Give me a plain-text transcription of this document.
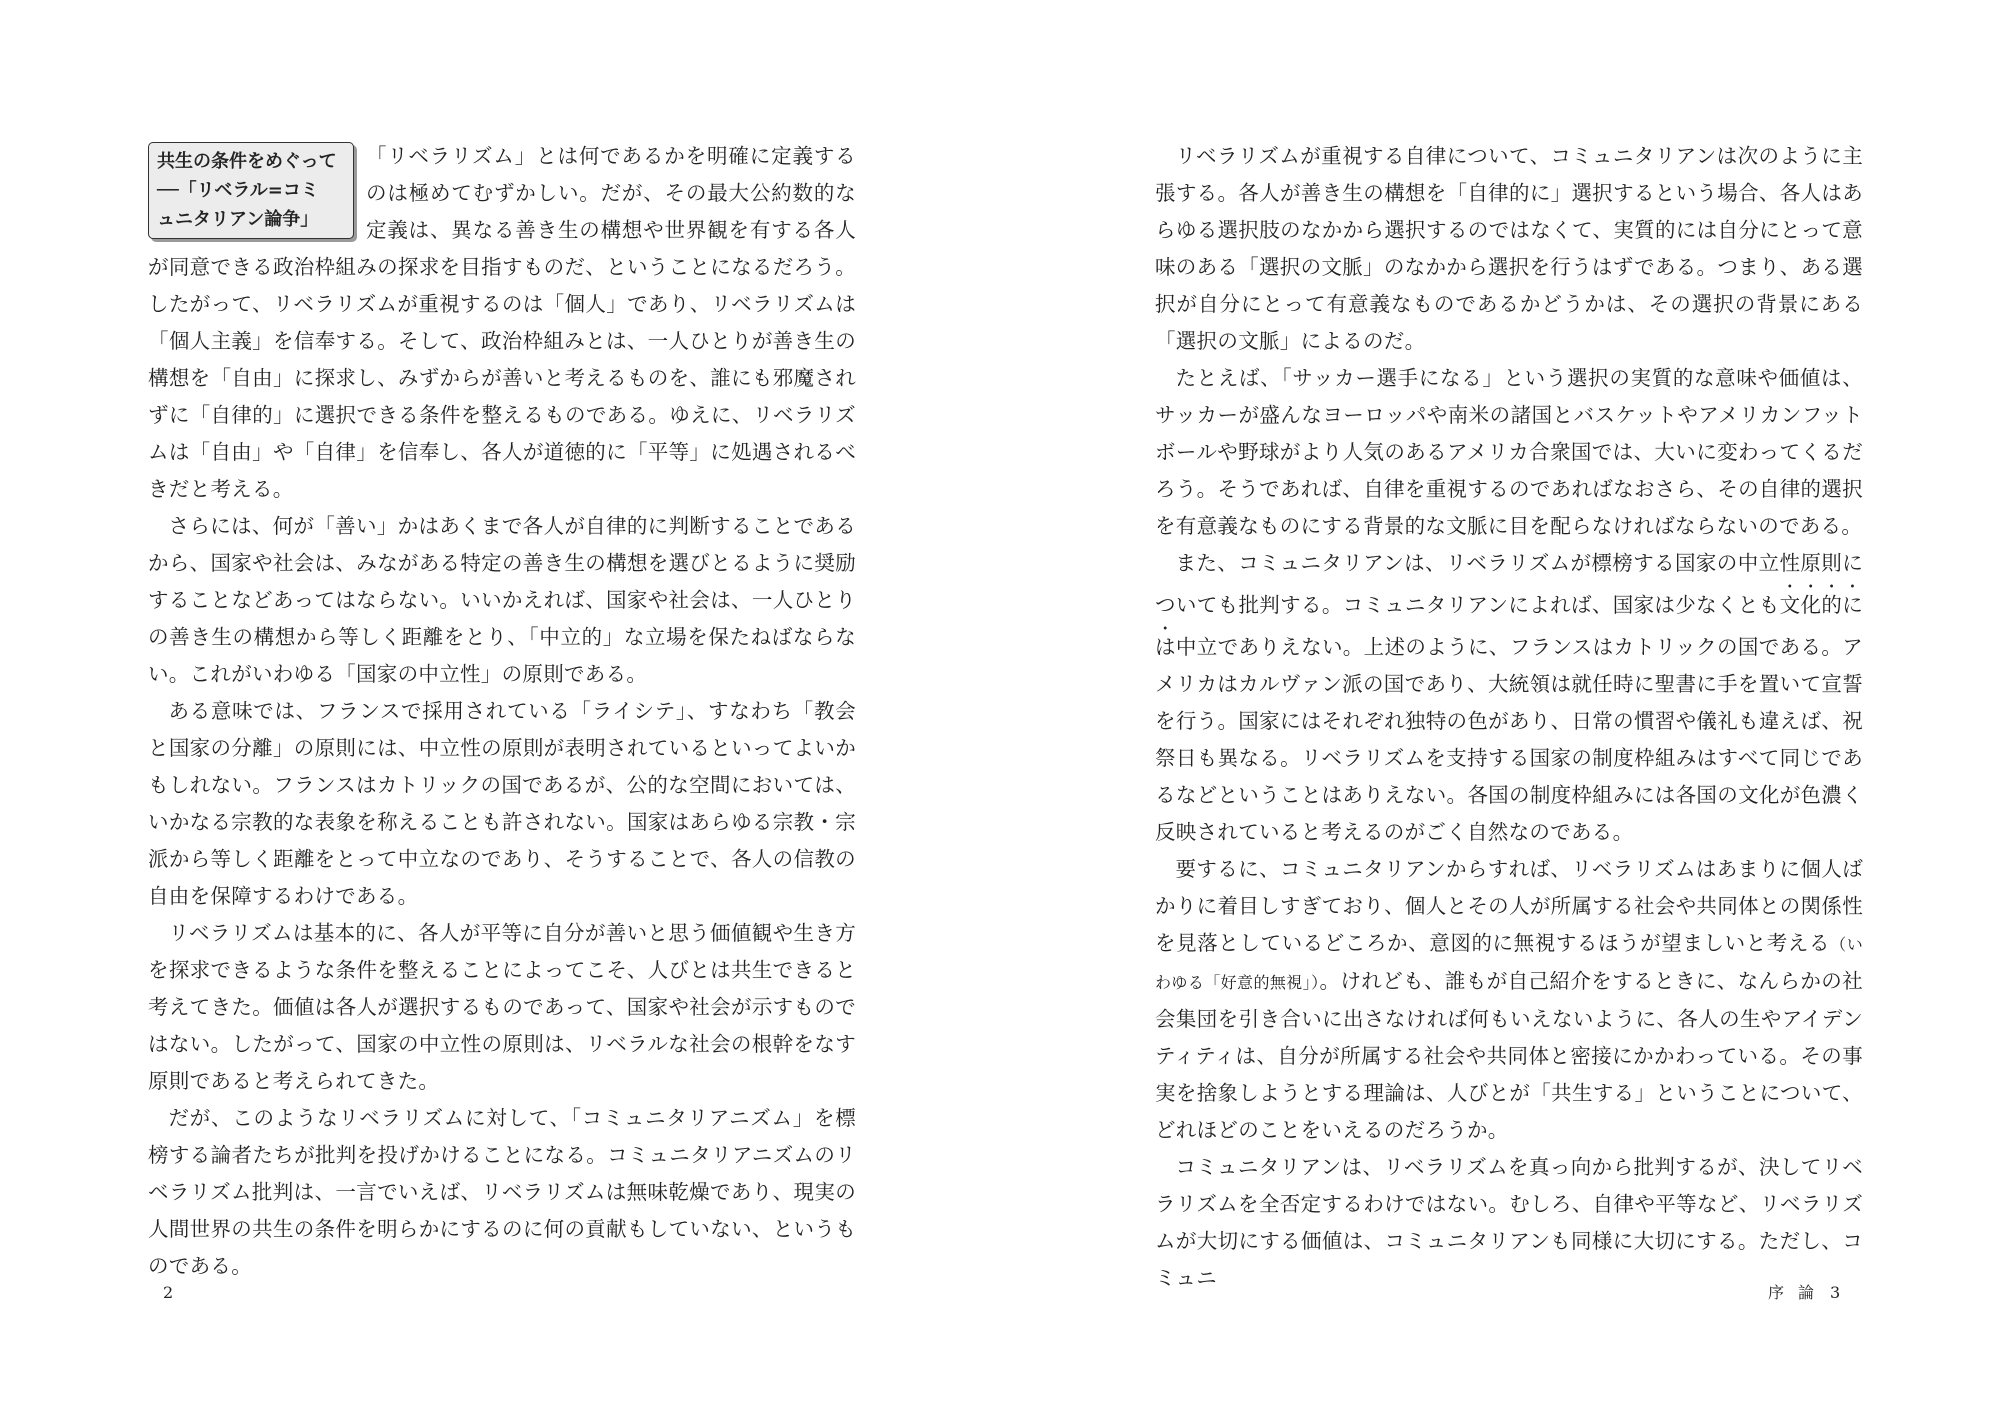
共生の条件をめぐって
──「リベラル=コミ
ュニタリアン論争」
「リベラリズム」とは何であるかを明確に定義するのは極めてむずかしい。だが、その最大公約数的な定義は、異なる善き生の構想や世界観を有する各人が同意できる政治枠組みの探求を目指すものだ、ということになるだろう。したがって、リベラリズムが重視するのは「個人」であり、リベラリズムは「個人主義」を信奉する。そして、政治枠組みとは、一人ひとりが善き生の構想を「自由」に探求し、みずからが善いと考えるものを、誰にも邪魔されずに「自律的」に選択できる条件を整えるものである。ゆえに、リベラリズムは「自由」や「自律」を信奉し、各人が道徳的に「平等」に処遇されるべきだと考える。

さらには、何が「善い」かはあくまで各人が自律的に判断することであるから、国家や社会は、みながある特定の善き生の構想を選びとるように奨励することなどあってはならない。いいかえれば、国家や社会は、一人ひとりの善き生の構想から等しく距離をとり、「中立的」な立場を保たねばならない。これがいわゆる「国家の中立性」の原則である。

ある意味では、フランスで採用されている「ライシテ」、すなわち「教会と国家の分離」の原則には、中立性の原則が表明されているといってよいかもしれない。フランスはカトリックの国であるが、公的な空間においては、いかなる宗教的な表象を称えることも許されない。国家はあらゆる宗教・宗派から等しく距離をとって中立なのであり、そうすることで、各人の信教の自由を保障するわけである。

リベラリズムは基本的に、各人が平等に自分が善いと思う価値観や生き方を探求できるような条件を整えることによってこそ、人びとは共生できると考えてきた。価値は各人が選択するものであって、国家や社会が示すものではない。したがって、国家の中立性の原則は、リベラルな社会の根幹をなす原則であると考えられてきた。

だが、このようなリベラリズムに対して、「コミュニタリアニズム」を標榜する論者たちが批判を投げかけることになる。コミュニタリアニズムのリベラリズム批判は、一言でいえば、リベラリズムは無味乾燥であり、現実の人間世界の共生の条件を明らかにするのに何の貢献もしていない、というものである。

2

リベラリズムが重視する自律について、コミュニタリアンは次のように主張する。各人が善き生の構想を「自律的に」選択するという場合、各人はあらゆる選択肢のなかから選択するのではなくて、実質的には自分にとって意味のある「選択の文脈」のなかから選択を行うはずである。つまり、ある選択が自分にとって有意義なものであるかどうかは、その選択の背景にある「選択の文脈」によるのだ。

たとえば、「サッカー選手になる」という選択の実質的な意味や価値は、サッカーが盛んなヨーロッパや南米の諸国とバスケットやアメリカンフットボールや野球がより人気のあるアメリカ合衆国では、大いに変わってくるだろう。そうであれば、自律を重視するのであればなおさら、その自律的選択を有意義なものにする背景的な文脈に目を配らなければならないのである。

また、コミュニタリアンは、リベラリズムが標榜する国家の中立性原則についても批判する。コミュニタリアンによれば、国家は少なくとも文化的には中立でありえない。上述のように、フランスはカトリックの国である。アメリカはカルヴァン派の国であり、大統領は就任時に聖書に手を置いて宣誓を行う。国家にはそれぞれ独特の色があり、日常の慣習や儀礼も違えば、祝祭日も異なる。リベラリズムを支持する国家の制度枠組みはすべて同じであるなどということはありえない。各国の制度枠組みには各国の文化が色濃く反映されていると考えるのがごく自然なのである。

要するに、コミュニタリアンからすれば、リベラリズムはあまりに個人ばかりに着目しすぎており、個人とその人が所属する社会や共同体との関係性を見落としているどころか、意図的に無視するほうが望ましいと考える（いわゆる「好意的無視」）。けれども、誰もが自己紹介をするときに、なんらかの社会集団を引き合いに出さなければ何もいえないように、各人の生やアイデンティティは、自分が所属する社会や共同体と密接にかかわっている。その事実を捨象しようとする理論は、人びとが「共生する」ということについて、どれほどのことをいえるのだろうか。

コミュニタリアンは、リベラリズムを真っ向から批判するが、決してリベラリズムを全否定するわけではない。むしろ、自律や平等など、リベラリズムが大切にする価値は、コミュニタリアンも同様に大切にする。ただし、コミュニ

序論 3
